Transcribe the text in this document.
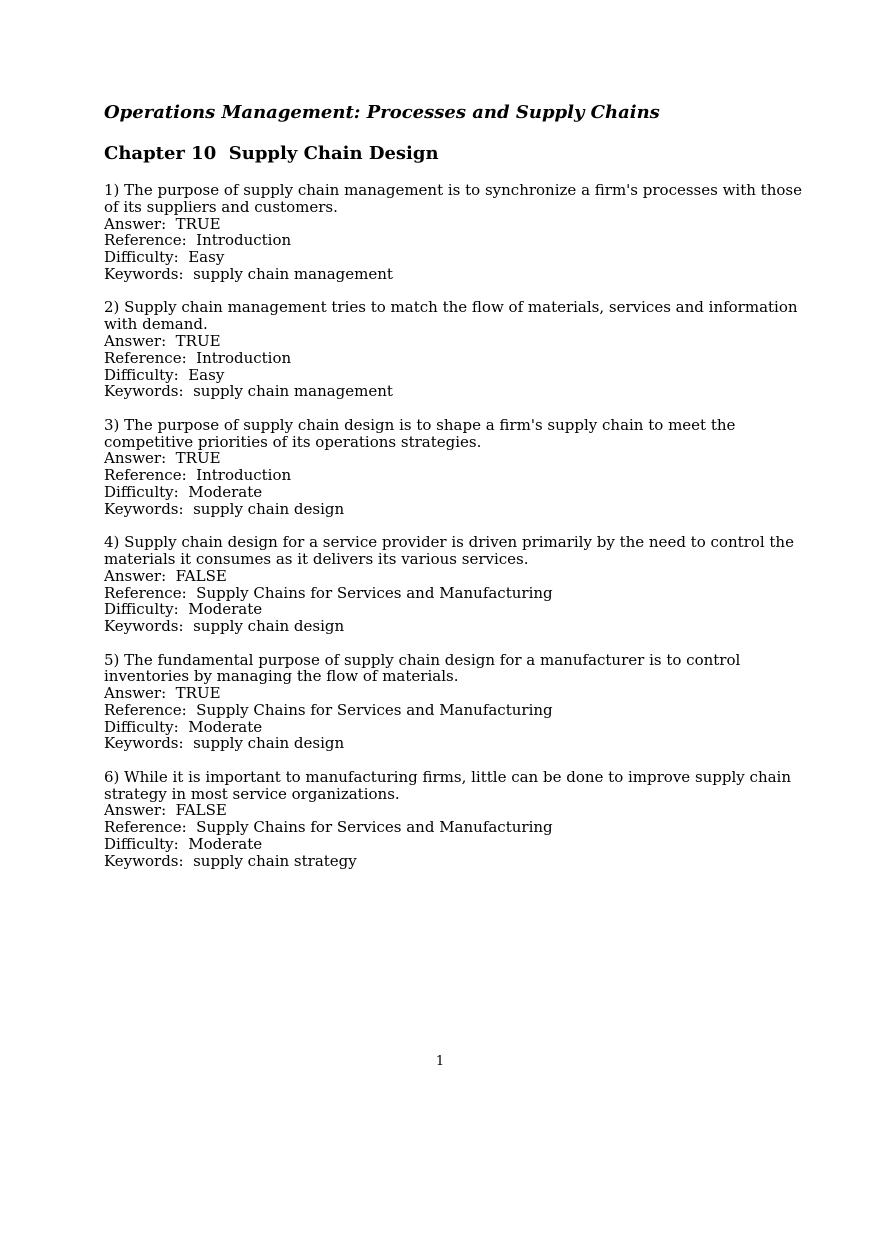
Operations Management: Processes and Supply Chains
Chapter 10  Supply Chain Design
1) The purpose of supply chain management is to synchronize a firm's processes with those
of its suppliers and customers.
Answer:  TRUE
Reference:  Introduction
Difficulty:  Easy
Keywords:  supply chain management
2) Supply chain management tries to match the flow of materials, services and information
with demand.
Answer:  TRUE
Reference:  Introduction
Difficulty:  Easy
Keywords:  supply chain management
3) The purpose of supply chain design is to shape a firm's supply chain to meet the
competitive priorities of its operations strategies.
Answer:  TRUE
Reference:  Introduction
Difficulty:  Moderate
Keywords:  supply chain design
4) Supply chain design for a service provider is driven primarily by the need to control the
materials it consumes as it delivers its various services.
Answer:  FALSE
Reference:  Supply Chains for Services and Manufacturing
Difficulty:  Moderate
Keywords:  supply chain design
5) The fundamental purpose of supply chain design for a manufacturer is to control
inventories by managing the flow of materials.
Answer:  TRUE
Reference:  Supply Chains for Services and Manufacturing
Difficulty:  Moderate
Keywords:  supply chain design
6) While it is important to manufacturing firms, little can be done to improve supply chain
strategy in most service organizations.
Answer:  FALSE
Reference:  Supply Chains for Services and Manufacturing
Difficulty:  Moderate
Keywords:  supply chain strategy
1
